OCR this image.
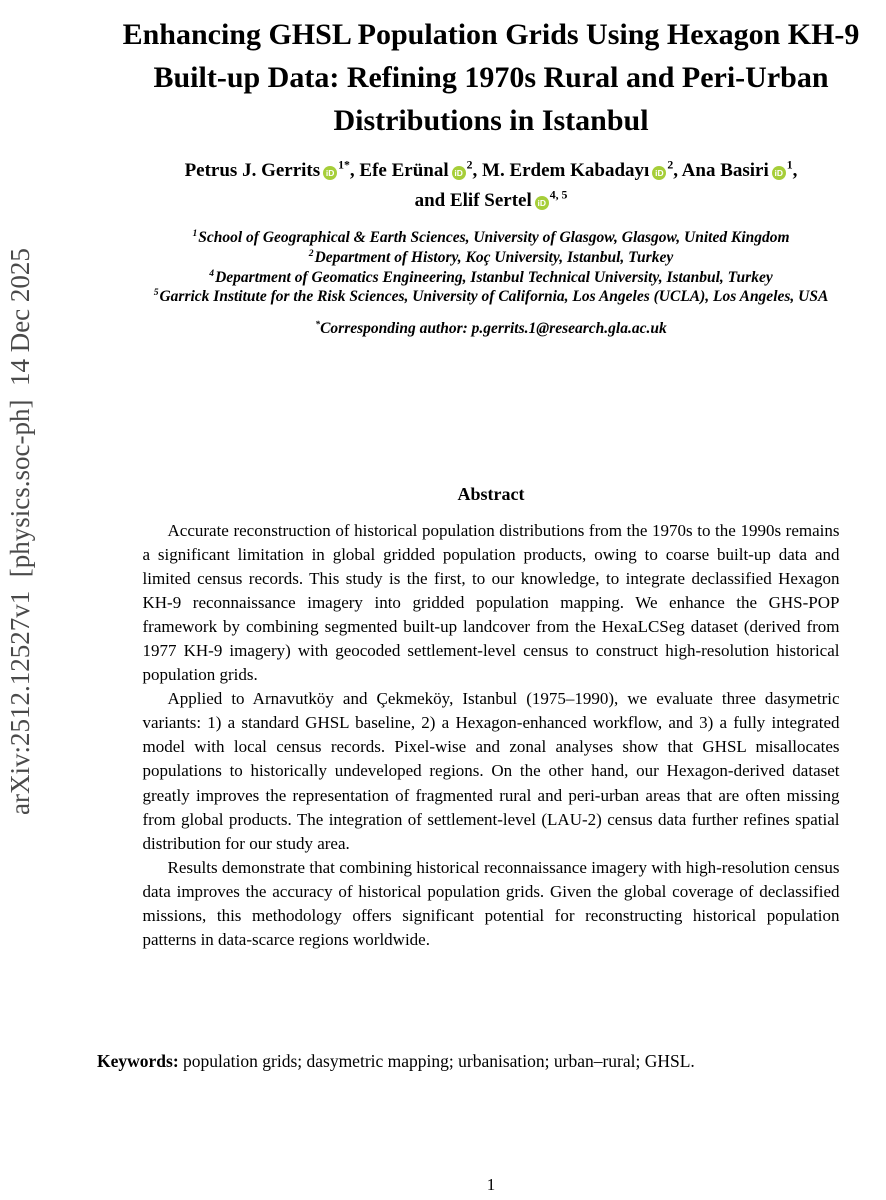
arXiv:2512.12527v1  [physics.soc-ph]  14 Dec 2025
Enhancing GHSL Population Grids Using Hexagon KH-9 Built-up Data: Refining 1970s Rural and Peri-Urban Distributions in Istanbul
Petrus J. Gerrits $iD^{1*}$, Efe Erünal $iD^2$, M. Erdem Kabadayı $iD^2$, Ana Basiri $iD^1$,
and Elif Sertel iD$^{4, 5}$
$^1$School of Geographical & Earth Sciences, University of Glasgow, Glasgow, United Kingdom
$^2$Department of History, Koç University, Istanbul, Turkey
$^4$Department of Geomatics Engineering, Istanbul Technical University, Istanbul, Turkey
$^5$Garrick Institute for the Risk Sciences, University of California, Los Angeles (UCLA), Los Angeles, USA
*Corresponding author: p.gerrits.1@research.gla.ac.uk
Abstract

Accurate reconstruction of historical population distributions from the 1970s to the 1990s remains a significant limitation in global gridded population products, owing to coarse built-up data and limited census records. This study is the first, to our knowledge, to integrate declassified Hexagon KH-9 reconnaissance imagery into gridded population mapping. We enhance the GHS-POP framework by combining segmented built-up landcover from the HexaLCSeg dataset (derived from 1977 KH-9 imagery) with geocoded settlement-level census to construct high-resolution historical population grids.

Applied to Arnavutköy and Çekmeköy, Istanbul (1975–1990), we evaluate three dasymetric variants: 1) a standard GHSL baseline, 2) a Hexagon-enhanced workflow, and 3) a fully integrated model with local census records. Pixel-wise and zonal analyses show that GHSL misallocates populations to historically undeveloped regions. On the other hand, our Hexagon-derived dataset greatly improves the representation of fragmented rural and peri-urban areas that are often missing from global products. The integration of settlement-level (LAU-2) census data further refines spatial distribution for our study area.

Results demonstrate that combining historical reconnaissance imagery with high-resolution census data improves the accuracy of historical population grids. Given the global coverage of declassified missions, this methodology offers significant potential for reconstructing historical population patterns in data-scarce regions worldwide.

Keywords: population grids; dasymetric mapping; urbanisation; urban–rural; GHSL.
1
